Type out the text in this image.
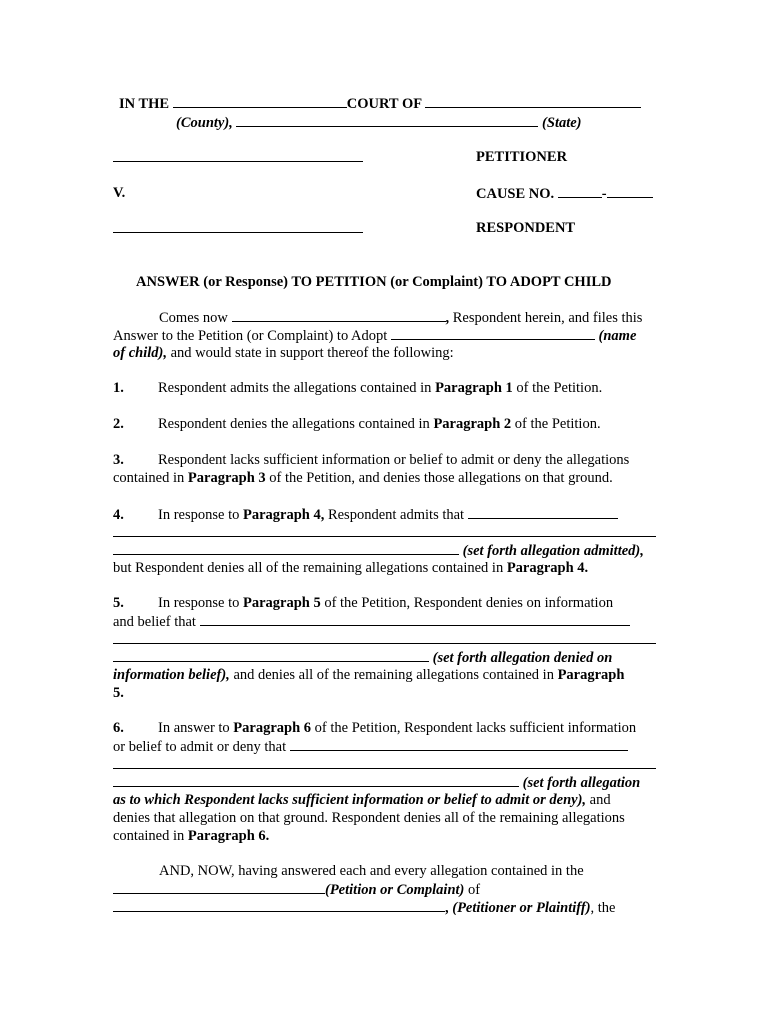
IN THE	COURT OF
(County),	(State)
PETITIONER
V.	CAUSE NO.	-
RESPONDENT
ANSWER (or Response) TO PETITION (or Complaint) TO ADOPT CHILD
Comes now	, Respondent herein, and files this
Answer to the Petition (or Complaint) to Adopt	(name
of child), and would state in support thereof the following:
1. Respondent admits the allegations contained in Paragraph 1 of the Petition.
2. Respondent denies the allegations contained in Paragraph 2 of the Petition.
3. Respondent lacks sufficient information or belief to admit or deny the allegations
contained in Paragraph 3 of the Petition, and denies those allegations on that ground.
4. In response to Paragraph 4, Respondent admits that
(set forth allegation admitted),
but Respondent denies all of the remaining allegations contained in Paragraph 4.
5. In response to Paragraph 5 of the Petition, Respondent denies on information
and belief that
(set forth allegation denied on
information belief), and denies all of the remaining allegations contained in Paragraph
5.
6. In answer to Paragraph 6 of the Petition, Respondent lacks sufficient information
or belief to admit or deny that
(set forth allegation
as to which Respondent lacks sufficient information or belief to admit or deny), and
denies that allegation on that ground. Respondent denies all of the remaining allegations
contained in Paragraph 6.
AND, NOW, having answered each and every allegation contained in the
(Petition or Complaint) of
, (Petitioner or Plaintiff), the
